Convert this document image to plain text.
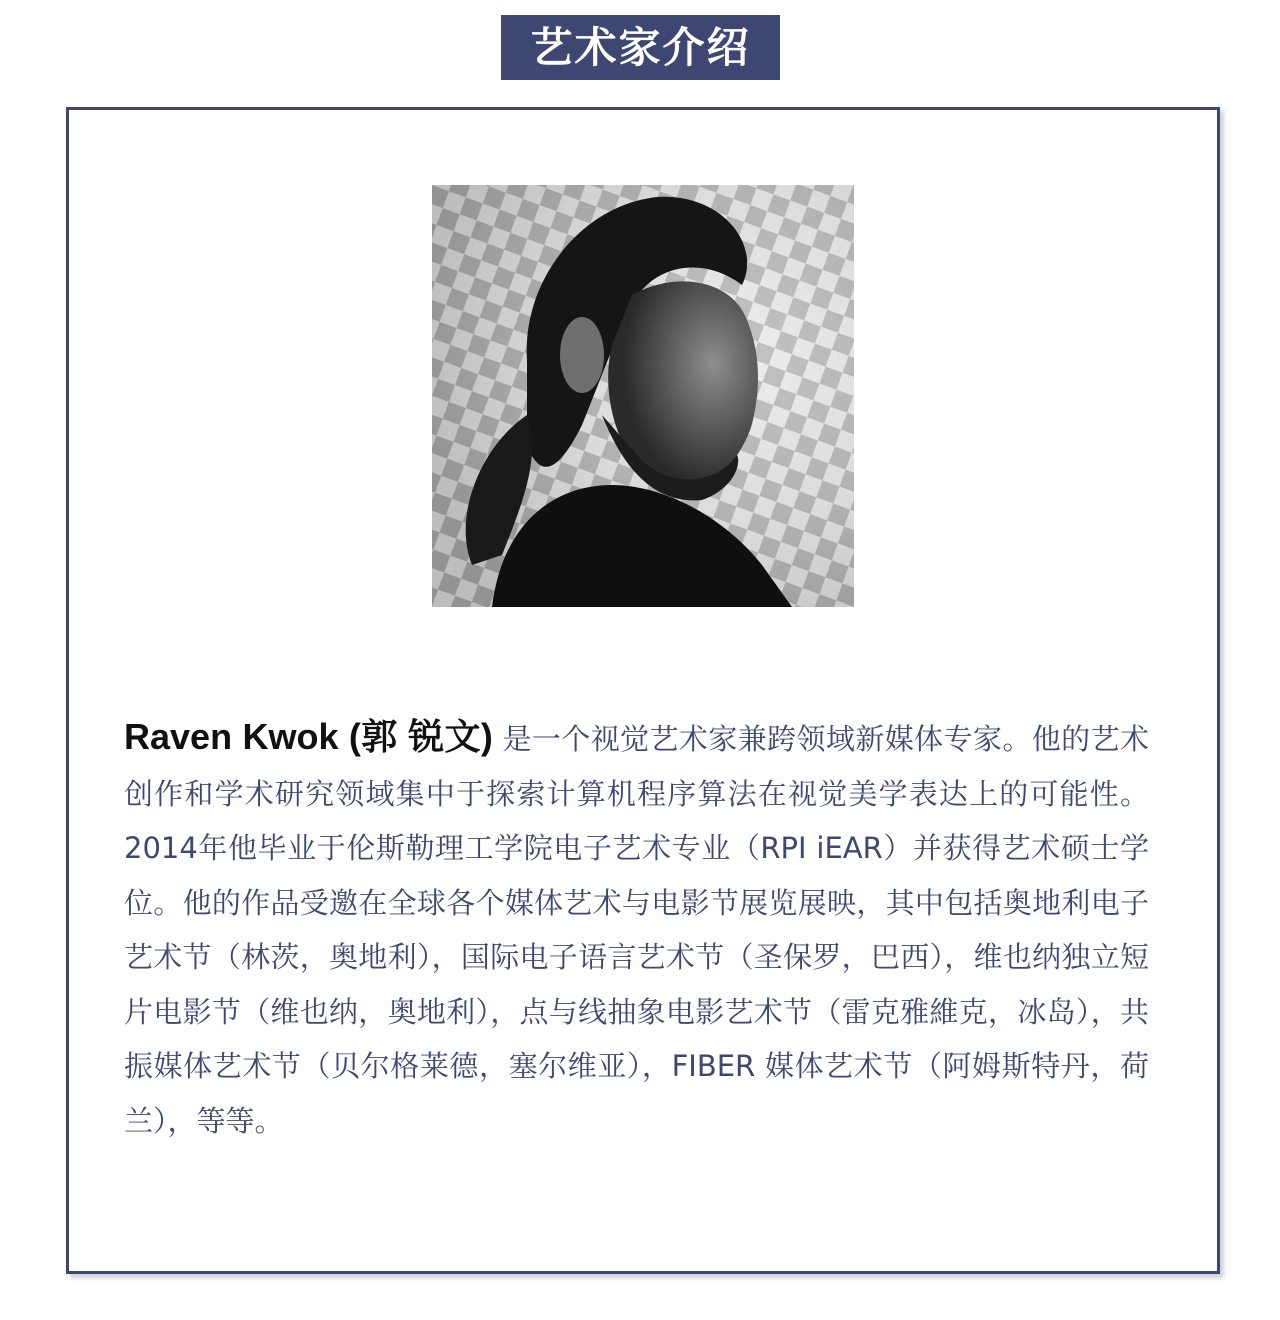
艺术家介绍
Raven Kwok (郭 锐文) 是一个视觉艺术家兼跨领域新媒体专家。他的艺术创作和学术研究领域集中于探索计算机程序算法在视觉美学表达上的可能性。2014年他毕业于伦斯勒理工学院电子艺术专业（RPI iEAR）并获得艺术硕士学位。他的作品受邀在全球各个媒体艺术与电影节展览展映，其中包括奥地利电子艺术节（林茨，奥地利），国际电子语言艺术节（圣保罗，巴西），维也纳独立短片电影节（维也纳，奥地利），点与线抽象电影艺术节（雷克雅維克，冰岛），共振媒体艺术节（贝尔格莱德，塞尔维亚），FIBER 媒体艺术节（阿姆斯特丹，荷兰），等等。
